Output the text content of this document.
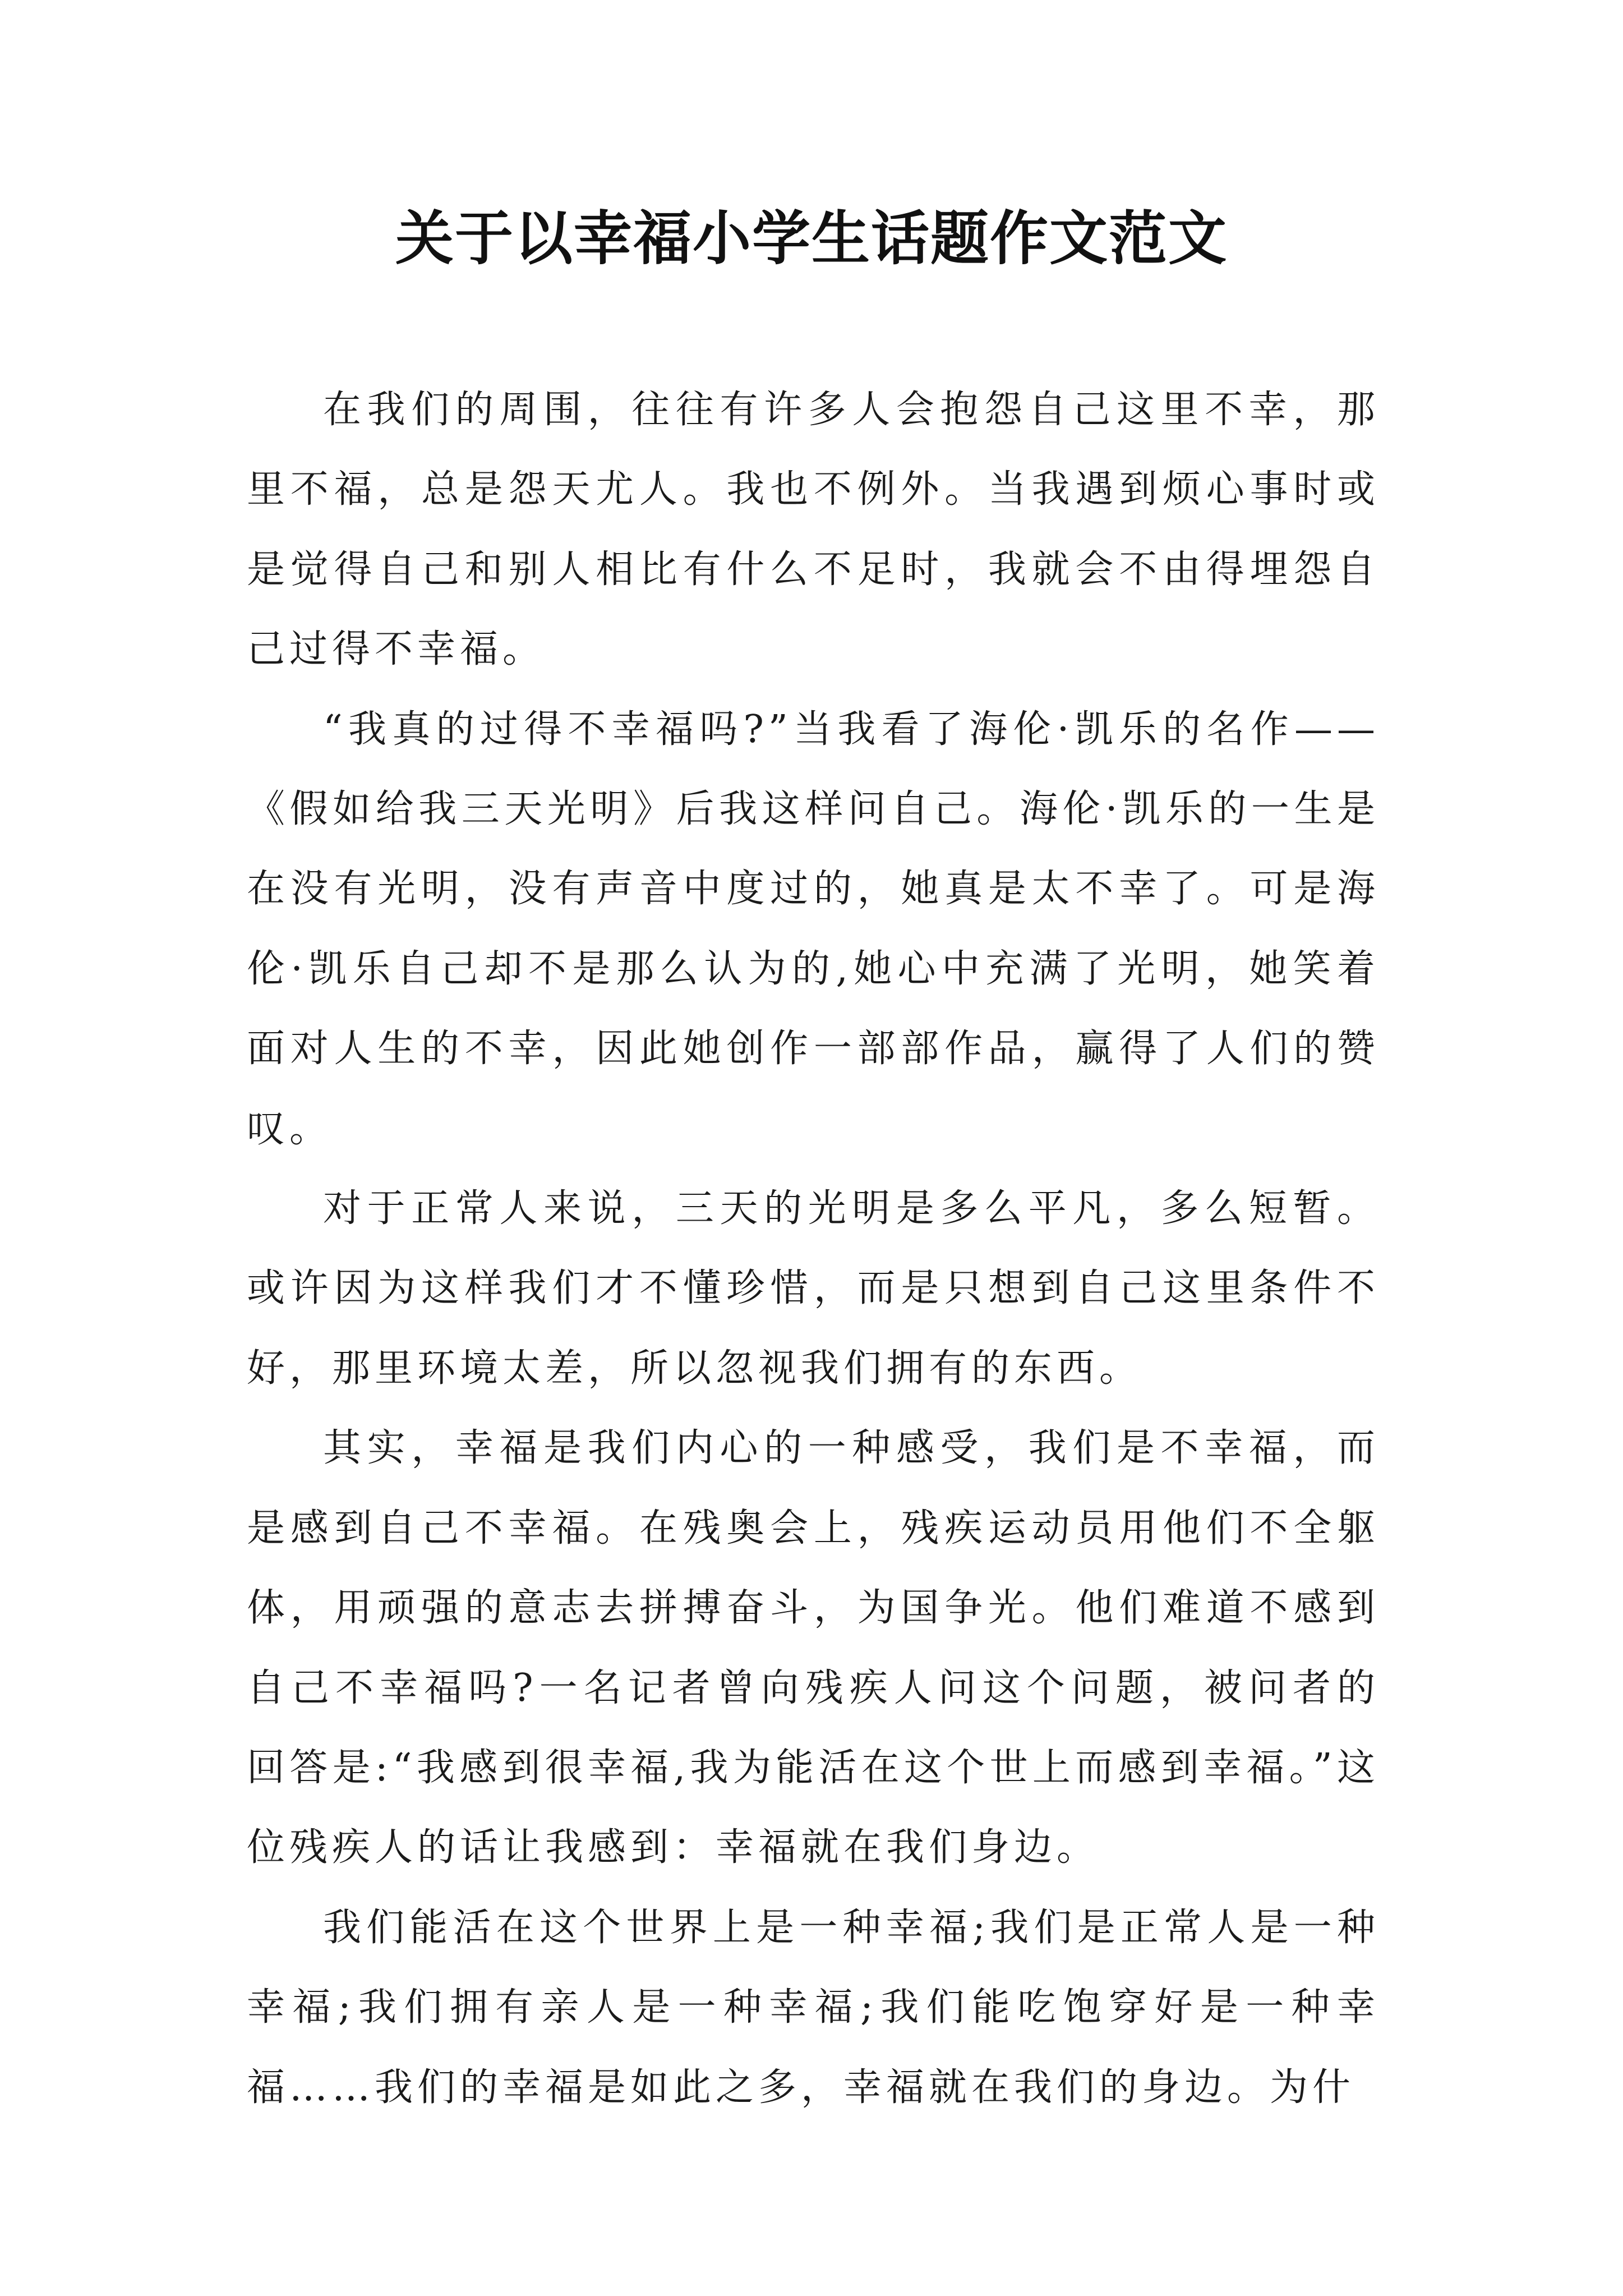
关于以幸福小学生话题作文范文

在我们的周围，往往有许多人会抱怨自己这里不幸，那里不福，总是怨天尤人。我也不例外。当我遇到烦心事时或是觉得自己和别人相比有什么不足时，我就会不由得埋怨自己过得不幸福。

“我真的过得不幸福吗?”当我看了海伦·凯乐的名作——《假如给我三天光明》后我这样问自己。海伦·凯乐的一生是在没有光明，没有声音中度过的，她真是太不幸了。可是海伦·凯乐自己却不是那么认为的,她心中充满了光明，她笑着面对人生的不幸，因此她创作一部部作品，赢得了人们的赞叹。

对于正常人来说，三天的光明是多么平凡，多么短暂。或许因为这样我们才不懂珍惜，而是只想到自己这里条件不好，那里环境太差，所以忽视我们拥有的东西。

其实，幸福是我们内心的一种感受，我们是不幸福，而是感到自己不幸福。在残奥会上，残疾运动员用他们不全躯体，用顽强的意志去拼搏奋斗，为国争光。他们难道不感到自己不幸福吗?一名记者曾向残疾人问这个问题，被问者的回答是:“我感到很幸福,我为能活在这个世上而感到幸福。”这位残疾人的话让我感到：幸福就在我们身边。

我们能活在这个世界上是一种幸福;我们是正常人是一种幸福;我们拥有亲人是一种幸福;我们能吃饱穿好是一种幸福……我们的幸福是如此之多，幸福就在我们的身边。为什
